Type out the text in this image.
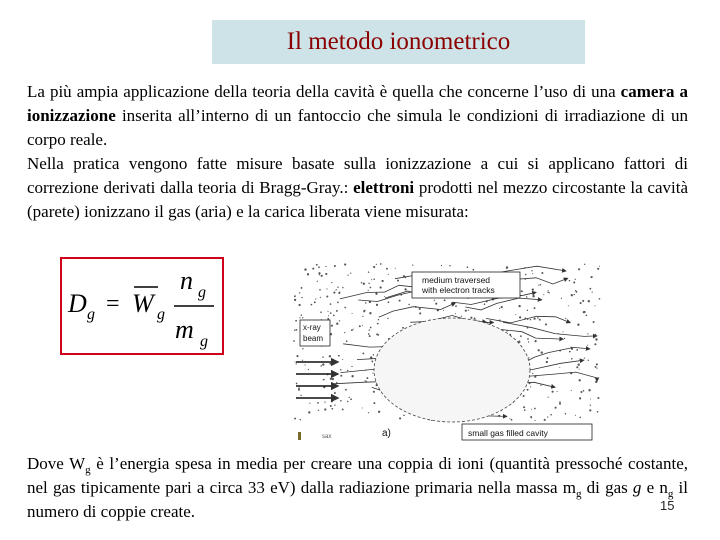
Il metodo ionometrico

La più ampia applicazione della teoria della cavità è quella che concerne l’uso di una camera a ionizzazione inserita all’interno di un fantoccio che simula le condizioni di irradiazione di un corpo reale.

Nella pratica vengono fatte misure basate sulla ionizzazione a cui si applicano fattori di correzione derivati dalla teoria di Bragg-Gray.: elettroni prodotti nel mezzo circostante la cavità (parete) ionizzano il gas (aria) e la carica liberata viene misurata:

D g = W g
n g
m g
medium traversed
with electron tracks
x-ray
beam
small gas filled cavity
a)
sax

Dove $W_g$ è l’energia spesa in media per creare una coppia di ioni (quantità pressoché costante, nel gas tipicamente pari a circa 33 eV) dalla radiazione primaria nella massa $m_g$ di gas g e $n_g$ il numero di coppie create.	15
